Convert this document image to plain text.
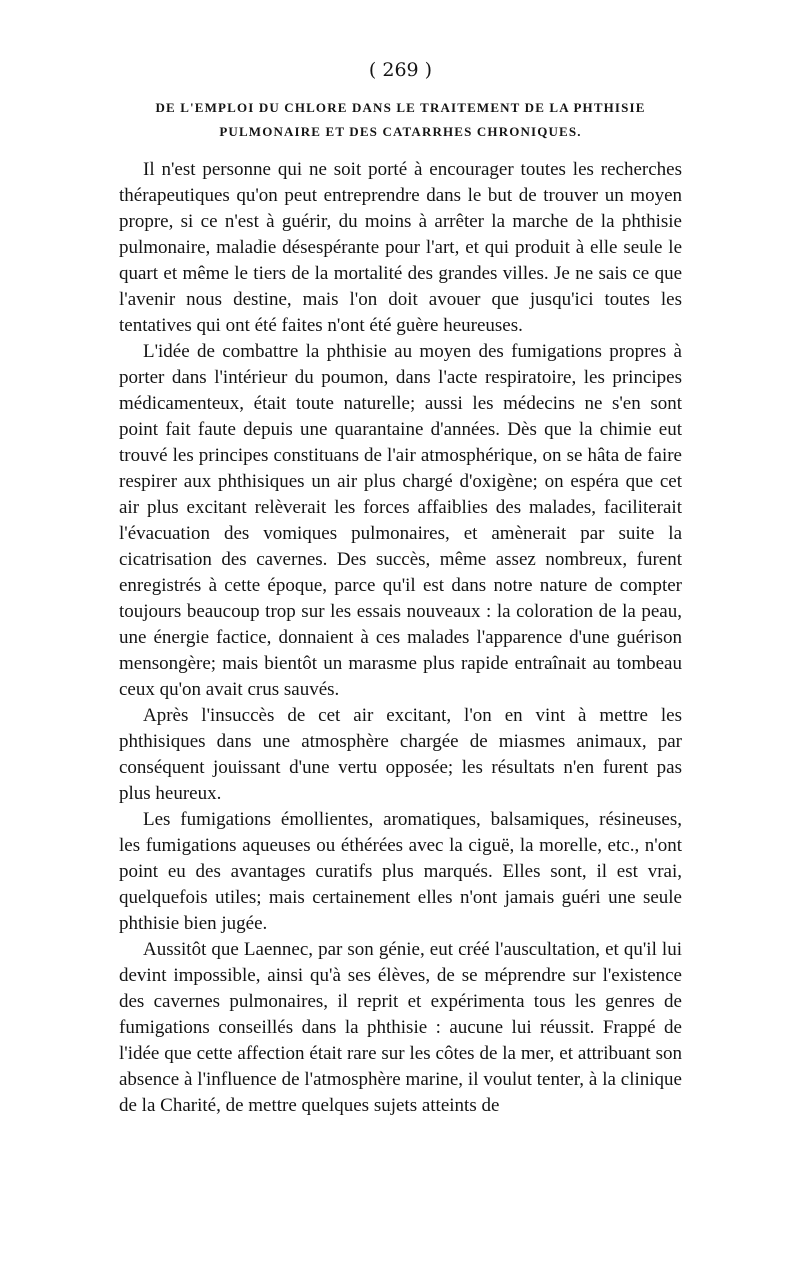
( 269 )
DE L'EMPLOI DU CHLORE DANS LE TRAITEMENT DE LA PHTHISIE
PULMONAIRE ET DES CATARRHES CHRONIQUES.

Il n'est personne qui ne soit porté à encourager toutes les recherches thérapeutiques qu'on peut entreprendre dans le but de trouver un moyen propre, si ce n'est à guérir, du moins à arrêter la marche de la phthisie pulmonaire, maladie désespérante pour l'art, et qui produit à elle seule le quart et même le tiers de la mortalité des grandes villes. Je ne sais ce que l'avenir nous destine, mais l'on doit avouer que jusqu'ici toutes les tentatives qui ont été faites n'ont été guère heureuses.

L'idée de combattre la phthisie au moyen des fumigations propres à porter dans l'intérieur du poumon, dans l'acte respiratoire, les principes médicamenteux, était toute naturelle; aussi les médecins ne s'en sont point fait faute depuis une quarantaine d'années. Dès que la chimie eut trouvé les principes constituans de l'air atmosphérique, on se hâta de faire respirer aux phthisiques un air plus chargé d'oxigène; on espéra que cet air plus excitant relèverait les forces affaiblies des malades, faciliterait l'évacuation des vomiques pulmonaires, et amènerait par suite la cicatrisation des cavernes. Des succès, même assez nombreux, furent enregistrés à cette époque, parce qu'il est dans notre nature de compter toujours beaucoup trop sur les essais nouveaux : la coloration de la peau, une énergie factice, donnaient à ces malades l'apparence d'une guérison mensongère; mais bientôt un marasme plus rapide entraînait au tombeau ceux qu'on avait crus sauvés.

Après l'insuccès de cet air excitant, l'on en vint à mettre les phthisiques dans une atmosphère chargée de miasmes animaux, par conséquent jouissant d'une vertu opposée; les résultats n'en furent pas plus heureux.

Les fumigations émollientes, aromatiques, balsamiques, résineuses, les fumigations aqueuses ou éthérées avec la ciguë, la morelle, etc., n'ont point eu des avantages curatifs plus marqués. Elles sont, il est vrai, quelquefois utiles; mais certainement elles n'ont jamais guéri une seule phthisie bien jugée.

Aussitôt que Laennec, par son génie, eut créé l'auscultation, et qu'il lui devint impossible, ainsi qu'à ses élèves, de se méprendre sur l'existence des cavernes pulmonaires, il reprit et expérimenta tous les genres de fumigations conseillés dans la phthisie : aucune lui réussit. Frappé de l'idée que cette affection était rare sur les côtes de la mer, et attribuant son absence à l'influence de l'atmosphère marine, il voulut tenter, à la clinique de la Charité, de mettre quelques sujets atteints de
